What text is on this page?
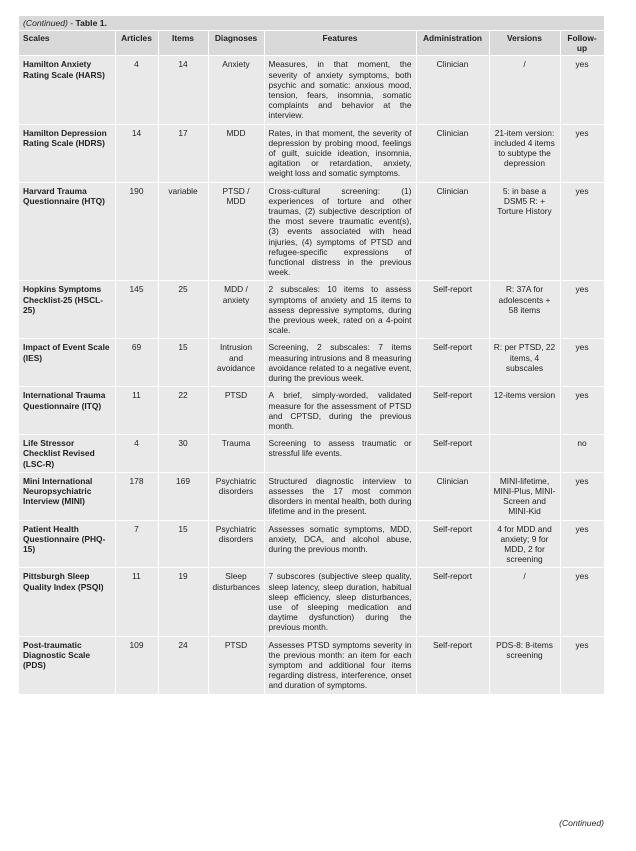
(Continued) - Table 1.
Scales	Articles	Items	Diagnoses	Features	Administration	Versions	Follow-up
Hamilton Anxiety Rating Scale (HARS)	4	14	Anxiety	Measures, in that moment, the severity of anxiety symptoms, both psychic and somatic: anxious mood, tension, fears, insomnia, somatic complaints and behavior at the interview.	Clinician	/	yes
Hamilton Depression Rating Scale (HDRS)	14	17	MDD	Rates, in that moment, the severity of depression by probing mood, feelings of guilt, suicide ideation, insomnia, agitation or retardation, anxiety, weight loss and somatic symptoms.	Clinician	21-item version: included 4 items to subtype the depression	yes
Harvard Trauma Questionnaire (HTQ)	190	variable	PTSD / MDD	Cross-cultural screening: (1) experiences of torture and other traumas, (2) subjective description of the most severe traumatic event(s), (3) events associated with head injuries, (4) symptoms of PTSD and refugee-specific expressions of functional distress in the previous week.	Clinician	5: in base a DSM5 R: + Torture History	yes
Hopkins Symptoms Checklist-25 (HSCL-25)	145	25	MDD / anxiety	2 subscales: 10 items to assess symptoms of anxiety and 15 items to assess depressive symptoms, during the previous week, rated on a 4-point scale.	Self-report	R: 37A for adolescents + 58 items	yes
Impact of Event Scale (IES)	69	15	Intrusion and avoidance	Screening, 2 subscales: 7 items measuring intrusions and 8 measuring avoidance related to a negative event, during the previous week.	Self-report	R: per PTSD, 22 items, 4 subscales	yes
International Trauma Questionnaire (ITQ)	11	22	PTSD	A brief, simply-worded, validated measure for the assessment of PTSD and CPTSD, during the previous month.	Self-report	12-items version	yes
Life Stressor Checklist Revised (LSC-R)	4	30	Trauma	Screening to assess traumatic or stressful life events.	Self-report		no
Mini International Neuropsychiatric Interview (MINI)	178	169	Psychiatric disorders	Structured diagnostic interview to assesses the 17 most common disorders in mental health, both during lifetime and in the present.	Clinician	MINI-lifetime, MINI-Plus, MINI-Screen and MINI-Kid	yes
Patient Health Questionnaire (PHQ-15)	7	15	Psychiatric disorders	Assesses somatic symptoms, MDD, anxiety, DCA, and alcohol abuse, during the previous month.	Self-report	4 for MDD and anxiety; 9 for MDD, 2 for screening	yes
Pittsburgh Sleep Quality Index (PSQI)	11	19	Sleep disturbances	7 subscores (subjective sleep quality, sleep latency, sleep duration, habitual sleep efficiency, sleep disturbances, use of sleeping medication and daytime dysfunction) during the previous month.	Self-report	/	yes
Post-traumatic Diagnostic Scale (PDS)	109	24	PTSD	Assesses PTSD symptoms severity in the previous month: an item for each symptom and additional four items regarding distress, interference, onset and duration of symptoms.	Self-report	PDS-8: 8-items screening	yes
(Continued)
